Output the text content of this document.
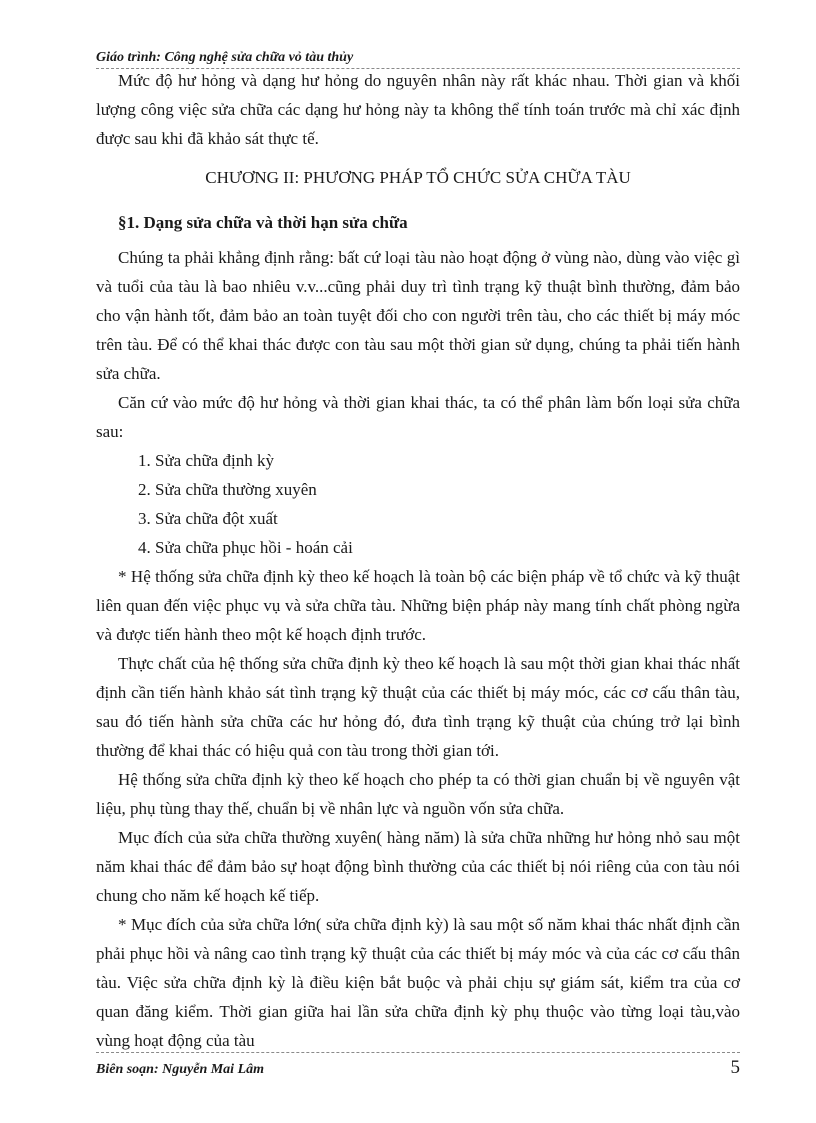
Giáo trình: Công nghệ sửa chữa vỏ tàu thủy

Mức độ hư hỏng và dạng hư hỏng do nguyên nhân này rất khác nhau. Thời gian và khối lượng công việc sửa chữa các dạng hư hỏng này ta không thể tính toán trước mà chỉ xác định được sau khi đã khảo sát thực tế.

CHƯƠNG II: PHƯƠNG PHÁP TỔ CHỨC SỬA CHỮA TÀU
§1. Dạng sửa chữa và thời hạn sửa chữa

Chúng ta phải khẳng định rằng: bất cứ loại tàu nào hoạt động ở vùng nào, dùng vào việc gì và tuổi của tàu là bao nhiêu v.v...cũng phải duy trì tình trạng kỹ thuật bình thường, đảm bảo cho vận hành tốt, đảm bảo an toàn tuyệt đối cho con người trên tàu, cho các thiết bị máy móc trên tàu. Để có thể khai thác được con tàu sau một thời gian sử dụng, chúng ta phải tiến hành sửa chữa.

Căn cứ vào mức độ hư hỏng và thời gian khai thác, ta có thể phân làm bốn loại sửa chữa sau:

1. Sửa chữa định kỳ
2. Sửa chữa thường xuyên
3. Sửa chữa đột xuất
4. Sửa chữa phục hồi - hoán cải

* Hệ thống sửa chữa định kỳ theo kế hoạch là toàn bộ các biện pháp về tổ chức và kỹ thuật liên quan đến việc phục vụ và sửa chữa tàu. Những biện pháp này mang tính chất phòng ngừa và được tiến hành theo một kế hoạch định trước.

Thực chất của hệ thống sửa chữa định kỳ theo kế hoạch là sau một thời gian khai thác nhất định cần tiến hành khảo sát tình trạng kỹ thuật của các thiết bị máy móc, các cơ cấu thân tàu, sau đó tiến hành sửa chữa các hư hỏng đó, đưa tình trạng kỹ thuật của chúng trở lại bình thường để khai thác có hiệu quả con tàu trong thời gian tới.

Hệ thống sửa chữa định kỳ theo kế hoạch cho phép ta có thời gian chuẩn bị về nguyên vật liệu, phụ tùng thay thế, chuẩn bị về nhân lực và nguồn vốn sửa chữa.

Mục đích của sửa chữa thường xuyên( hàng năm) là sửa chữa những hư hỏng nhỏ sau một năm khai thác để đảm bảo sự hoạt động bình thường của các thiết bị nói riêng của con tàu nói chung cho năm kế hoạch kế tiếp.

* Mục đích của sửa chữa lớn( sửa chữa định kỳ) là sau một số năm khai thác nhất định cần phải phục hồi và nâng cao tình trạng kỹ thuật của các thiết bị máy móc và của các cơ cấu thân tàu. Việc sửa chữa định kỳ là điều kiện bắt buộc và phải chịu sự giám sát, kiểm tra của cơ quan đăng kiểm. Thời gian giữa hai lần sửa chữa định kỳ phụ thuộc vào từng loại tàu,vào vùng hoạt động của tàu

Biên soạn: Nguyễn Mai Lâm	5
